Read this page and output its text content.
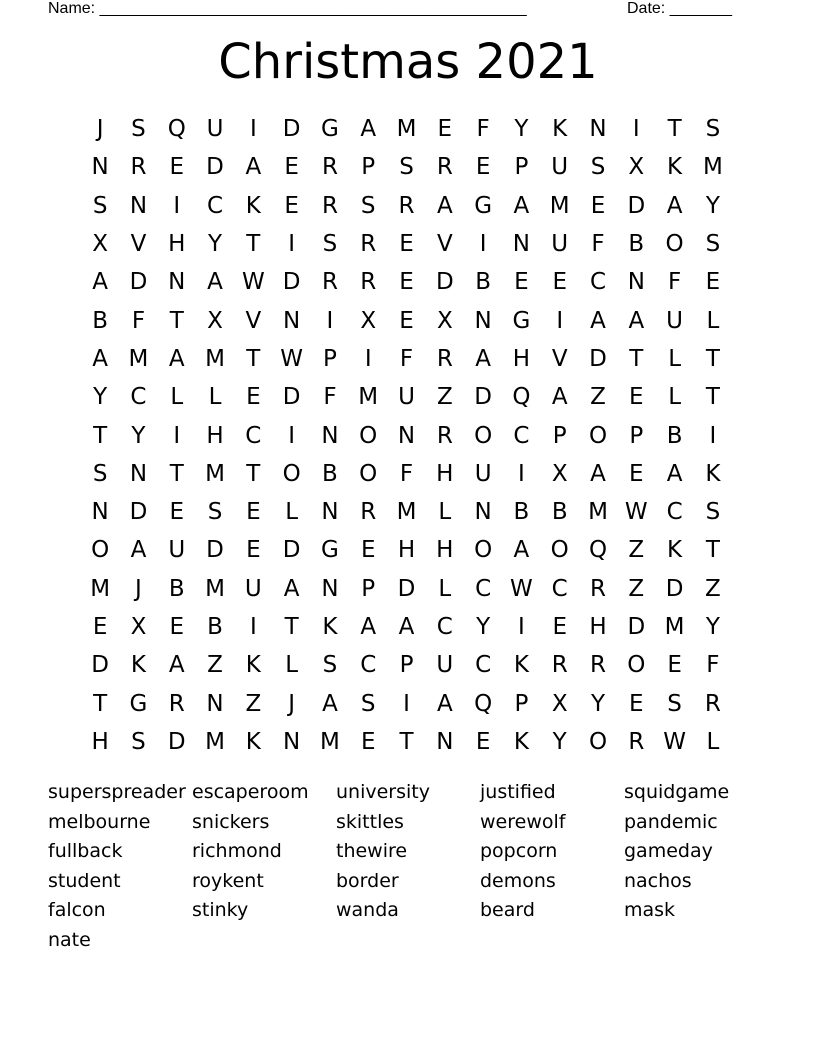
Name: ________________________________________________	Date: _______
Christmas 2021
J	S Q U	I	D G A M E	F	Y	K N	I	T	S
N R	E D A	E	R	P	S	R	E	P U S	X K M
S N	I	C K	E	R	S	R A G A M E D A	Y
X V H Y	T	I	S	R	E	V	I	N U	F	B O S
A D N A W D R R	E D B	E	E C N	F	E
B	F	T	X V N	I	X	E	X N G	I	A A U	L
A M A M T W P	I	F	R A H V D T	L	T
Y	C	L	L	E D F M U Z D Q A Z	E	L	T
T	Y	I	H C	I	N O N R O C	P O P	B	I
S N T M T O B O F	H U	I	X A	E	A K
N D E	S	E	L	N R M L	N B B M W C S
O A U D E D G E H H O A O Q Z K	T
M	J	B M U A N P D	L	C W C R Z D Z
E	X	E	B	I	T	K A A C	Y	I	E H D M Y
D K A Z K	L	S C	P U C K R R O E	F
T G R N Z	J	A	S	I	A Q P	X	Y	E	S	R
H S D M K N M E	T N E	K	Y O R W L
superspreader escaperoom	university	justified	squidgame
melbourne	snickers	skittles	werewolf	pandemic
fullback	richmond	thewire	popcorn	gameday
student	roykent	border	demons	nachos
falcon	stinky	wanda	beard	mask
nate
